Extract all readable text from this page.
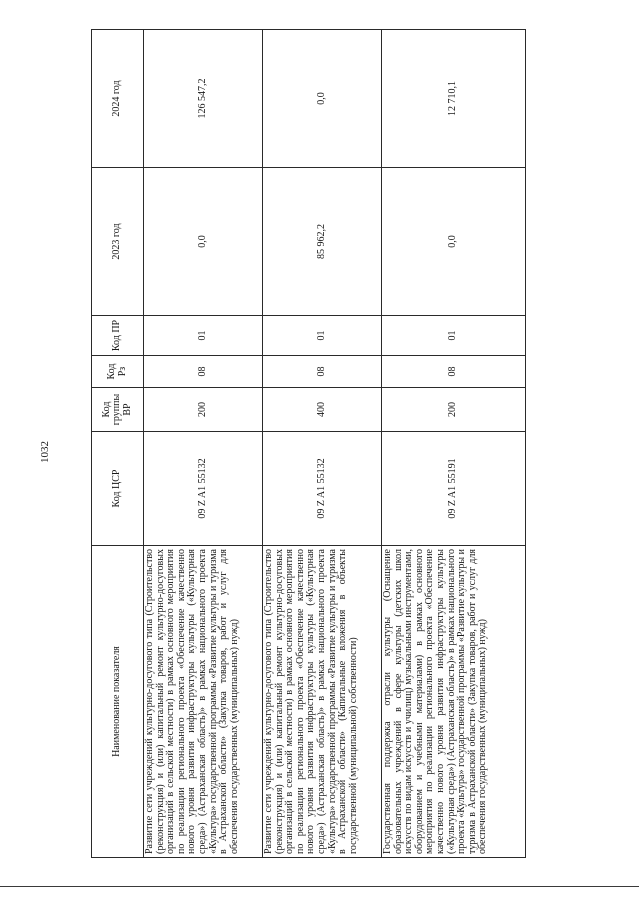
1032
Наименование показателя	Код ЦСР	Код группы ВР	Код Рз	Код ПР	2023 год	2024 год
Развитие сети учреждений культурно-досугового типа (Строительство (реконструкция) и (или) капитальный ремонт культурно-досуговых организаций в сельской местности) в рамках основного мероприятия по реализации регионального проекта «Обеспечение качественно нового уровня развития инфраструктуры культуры («Культурная среда») (Астраханская область)» в рамках национального проекта «Культура» государственной программы «Развитие культуры и туризма в Астраханской области» (Закупка товаров, работ и услуг для обеспечения государственных (муниципальных) нужд)	09 Z A1 55132	200	08	01	0,0	126 547,2
Развитие сети учреждений культурно-досугового типа (Строительство (реконструкция) и (или) капитальный ремонт культурно-досуговых организаций в сельской местности) в рамках основного мероприятия по реализации регионального проекта «Обеспечение качественно нового уровня развития инфраструктуры культуры («Культурная среда») (Астраханская область)» в рамках национального проекта «Культура» государственной программы «Развитие культуры и туризма в Астраханской области» (Капитальные вложения в объекты государственной (муниципальной) собственности)	09 Z A1 55132	400	08	01	85 962,2	0,0
Государственная поддержка отрасли культуры (Оснащение образовательных учреждений в сфере культуры (детских школ искусств по видам искусств и училищ) музыкальными инструментами, оборудованием и учебными материалами) в рамках основного мероприятия по реализации регионального проекта «Обеспечение качественно нового уровня развития инфраструктуры культуры («Культурная среда») (Астраханская область)» в рамках национального проекта «Культура» государственной программы «Развитие культуры и туризма в Астраханской области» (Закупка товаров, работ и услуг для обеспечения государственных (муниципальных) нужд)	09 Z A1 55191	200	08	01	0,0	12 710,1
